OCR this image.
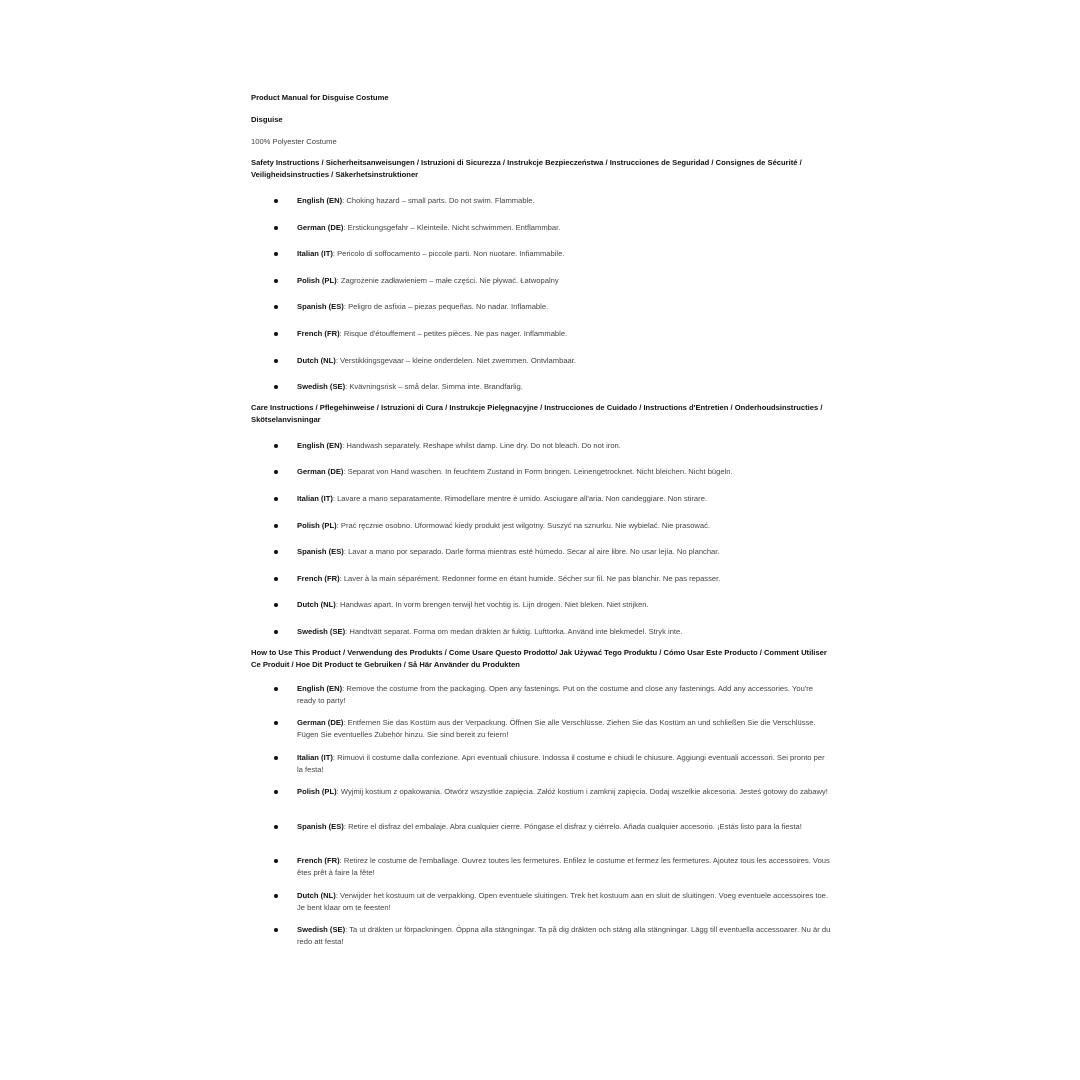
Product Manual for Disguise Costume
Disguise
100% Polyester Costume
Safety Instructions / Sicherheitsanweisungen / Istruzioni di Sicurezza / Instrukcje Bezpieczeństwa / Instrucciones de Seguridad / Consignes de Sécurité / Veiligheidsinstructies / Säkerhetsinstruktioner
English (EN): Choking hazard – small parts. Do not swim. Flammable.
German (DE): Erstickungsgefahr – Kleinteile. Nicht schwimmen. Entflammbar.
Italian (IT): Pericolo di soffocamento – piccole parti. Non nuotare. Infiammabile.
Polish (PL): Zagrożenie zadławieniem – małe części. Nie pływać. Łatwopalny
Spanish (ES): Peligro de asfixia – piezas pequeñas. No nadar. Inflamable.
French (FR): Risque d'étouffement – petites pièces. Ne pas nager. Inflammable.
Dutch (NL): Verstikkingsgevaar – kleine onderdelen. Niet zwemmen. Ontvlambaar.
Swedish (SE): Kvävningsrisk – små delar. Simma inte. Brandfarlig.
Care Instructions / Pflegehinweise / Istruzioni di Cura / Instrukcje Pielęgnacyjne / Instrucciones de Cuidado / Instructions d'Entretien / Onderhoudsinstructies / Skötselanvisningar
English (EN): Handwash separately. Reshape whilst damp. Line dry. Do not bleach. Do not iron.
German (DE): Separat von Hand waschen. In feuchtem Zustand in Form bringen. Leinengetrocknet. Nicht bleichen. Nicht bügeln.
Italian (IT): Lavare a mano separatamente. Rimodellare mentre è umido. Asciugare all'aria. Non candeggiare. Non stirare.
Polish (PL): Prać ręcznie osobno. Uformować kiedy produkt jest wilgotny. Suszyć na sznurku. Nie wybielać. Nie prasować.
Spanish (ES): Lavar a mano por separado. Darle forma mientras esté húmedo. Secar al aire libre. No usar lejía. No planchar.
French (FR): Laver à la main séparément. Redonner forme en étant humide. Sécher sur fil. Ne pas blanchir. Ne pas repasser.
Dutch (NL): Handwas apart. In vorm brengen terwijl het vochtig is. Lijn drogen. Niet bleken. Niet strijken.
Swedish (SE): Handtvätt separat. Forma om medan dräkten är fuktig. Lufttorka. Använd inte blekmedel. Stryk inte.
How to Use This Product / Verwendung des Produkts / Come Usare Questo Prodotto/ Jak Używać Tego Produktu / Cómo Usar Este Producto / Comment Utiliser Ce Produit / Hoe Dit Product te Gebruiken / Så Här Använder du Produkten
English (EN): Remove the costume from the packaging. Open any fastenings. Put on the costume and close any fastenings. Add any accessories. You're ready to party!
German (DE): Entfernen Sie das Kostüm aus der Verpackung. Öffnen Sie alle Verschlüsse. Ziehen Sie das Kostüm an und schließen Sie die Verschlüsse. Fügen Sie eventuelles Zubehör hinzu. Sie sind bereit zu feiern!
Italian (IT): Rimuovi il costume dalla confezione. Apri eventuali chiusure. Indossa il costume e chiudi le chiusure. Aggiungi eventuali accessori. Sei pronto per la festa!
Polish (PL): Wyjmij kostium z opakowania. Otwórz wszystkie zapięcia. Załóż kostium i zamknij zapięcia. Dodaj wszelkie akcesoria. Jesteś gotowy do zabawy!
Spanish (ES): Retire el disfraz del embalaje. Abra cualquier cierre. Póngase el disfraz y ciérrelo. Añada cualquier accesorio. ¡Estás listo para la fiesta!
French (FR): Retirez le costume de l'emballage. Ouvrez toutes les fermetures. Enfilez le costume et fermez les fermetures. Ajoutez tous les accessoires. Vous êtes prêt à faire la fête!
Dutch (NL): Verwijder het kostuum uit de verpakking. Open eventuele sluitingen. Trek het kostuum aan en sluit de sluitingen. Voeg eventuele accessoires toe. Je bent klaar om te feesten!
Swedish (SE): Ta ut dräkten ur förpackningen. Öppna alla stängningar. Ta på dig dräkten och stäng alla stängningar. Lägg till eventuella accessoarer. Nu är du redo att festa!
